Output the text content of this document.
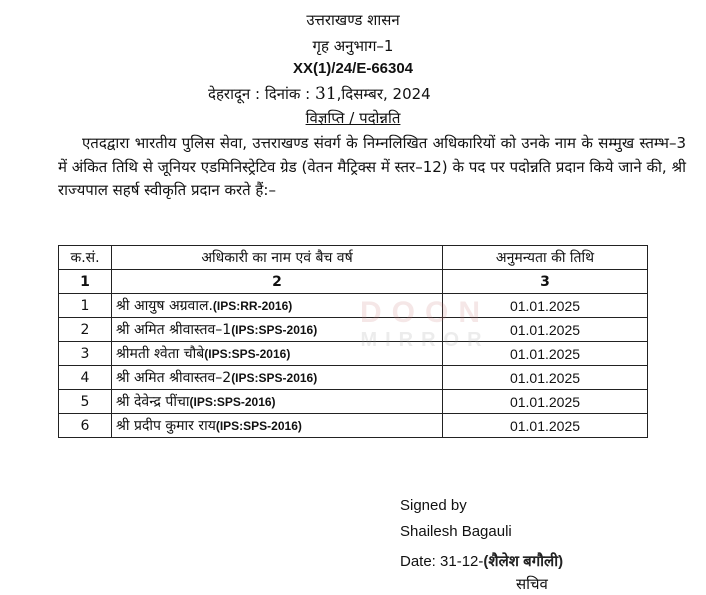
उत्तराखण्ड शासन
गृह अनुभाग–1
XX(1)/24/E-66304
देहरादून : दिनांक : 31,दिसम्बर, 2024
विज्ञप्ति / पदोन्नति
एतदद्वारा भारतीय पुलिस सेवा, उत्तराखण्ड संवर्ग के निम्नलिखित अधिकारियों को उनके नाम के सम्मुख स्तम्भ–3 में अंकित तिथि से जूनियर एडमिनिस्ट्रेटिव ग्रेड (वेतन मैट्रिक्स में स्तर–12) के पद पर पदोन्नति प्रदान किये जाने की, श्री राज्यपाल सहर्ष स्वीकृति प्रदान करते हैं:–
क.सं.	अधिकारी का नाम एवं बैच वर्ष	अनुमन्यता की तिथि
1	2	3
1	श्री आयुष अग्रवाल.(IPS:RR-2016)	01.01.2025
2	श्री अमित श्रीवास्तव–1(IPS:SPS-2016)	01.01.2025
3	श्रीमती श्वेता चौबे(IPS:SPS-2016)	01.01.2025
4	श्री अमित श्रीवास्तव–2(IPS:SPS-2016)	01.01.2025
5	श्री देवेन्द्र पींचा(IPS:SPS-2016)	01.01.2025
6	श्री प्रदीप कुमार राय(IPS:SPS-2016)	01.01.2025
DOON
MIRROR
Signed by
Shailesh Bagauli
Date: 31-12-(शैलेश बगौली)
सचिव
